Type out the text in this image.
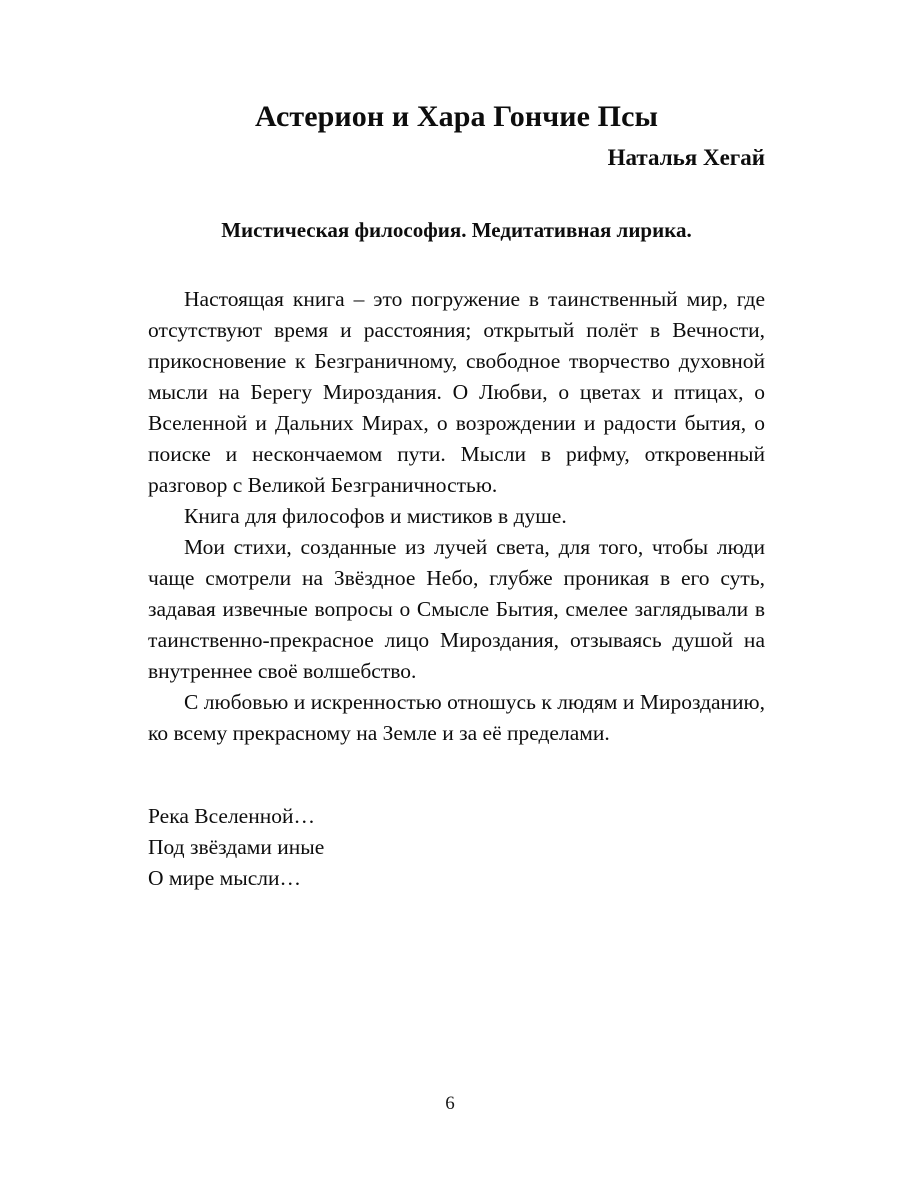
Астерион и Хара Гончие Псы

Наталья Хегай

Мистическая философия. Медитативная лирика.

Настоящая книга – это погружение в таинственный мир, где отсутствуют время и расстояния; открытый полёт в Вечности, прикосновение к Безграничному, свободное творчество духовной мысли на Берегу Мироздания. О Любви, о цветах и птицах, о Вселенной и Дальних Мирах, о возрождении и радости бытия, о поиске и нескончаемом пути. Мысли в рифму, откровенный разговор с Великой Безграничностью.

Книга для философов и мистиков в душе.

Мои стихи, созданные из лучей света, для того, чтобы люди чаще смотрели на Звёздное Небо, глубже проникая в его суть, задавая извечные вопросы о Смысле Бытия, смелее заглядывали в таинственно-прекрасное лицо Мироздания, отзываясь душой на внутреннее своё волшебство.

С любовью и искренностью отношусь к людям и Мирозданию, ко всему прекрасному на Земле и за её пределами.

Река Вселенной…

Под звёздами иные

О мире мысли…

6
